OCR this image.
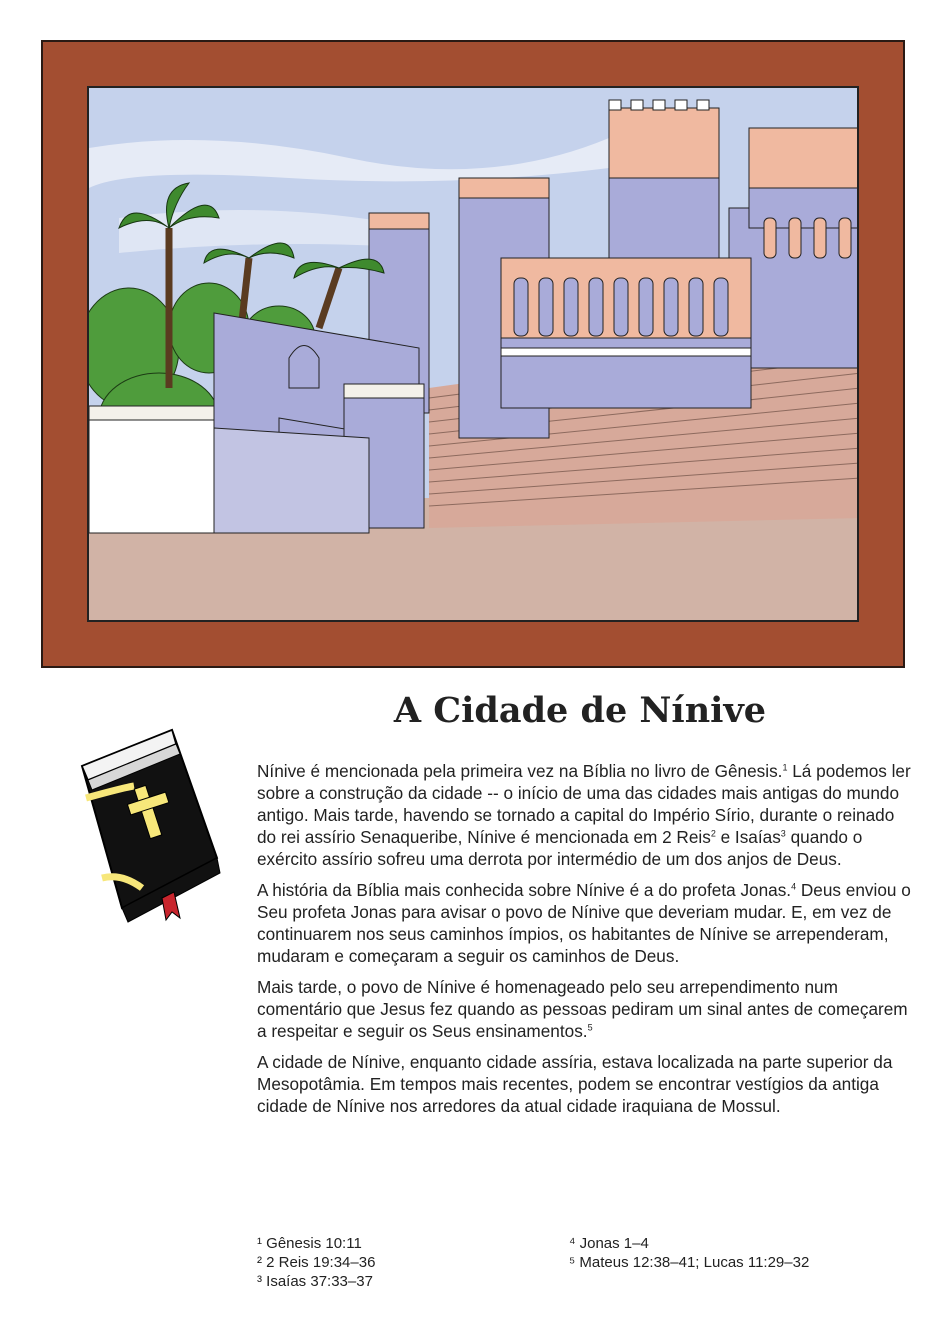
A Cidade de Nínive

Nínive é mencionada pela primeira vez na Bíblia no livro de Gênesis.$^1$ Lá podemos ler sobre a construção da cidade -- o início de uma das cidades mais antigas do mundo antigo. Mais tarde, havendo se tornado a capital do Império Sírio, durante o reinado do rei assírio Senaqueribe, Nínive é mencionada em 2 Reis$^2$ e Isaías$^3$ quando o exército assírio sofreu uma derrota por intermédio de um dos anjos de Deus.

A história da Bíblia mais conhecida sobre Nínive é a do profeta Jonas.$^4$ Deus enviou o Seu profeta Jonas para avisar o povo de Nínive que deveriam mudar. E, em vez de continuarem nos seus caminhos ímpios, os habitantes de Nínive se arrependeram, mudaram e começaram a seguir os caminhos de Deus.

Mais tarde, o povo de Nínive é homenageado pelo seu arrependimento num comentário que Jesus fez quando as pessoas pediram um sinal antes de começarem a respeitar e seguir os Seus ensinamentos.$^5$

A cidade de Nínive, enquanto cidade assíria, estava localizada na parte superior da Mesopotâmia. Em tempos mais recentes, podem se encontrar vestígios da antiga cidade de Nínive nos arredores da atual cidade iraquiana de Mossul.

¹ Gênesis 10:11
² 2 Reis 19:34–36
³ Isaías 37:33–37
⁴ Jonas 1–4
⁵ Mateus 12:38–41; Lucas 11:29–32
